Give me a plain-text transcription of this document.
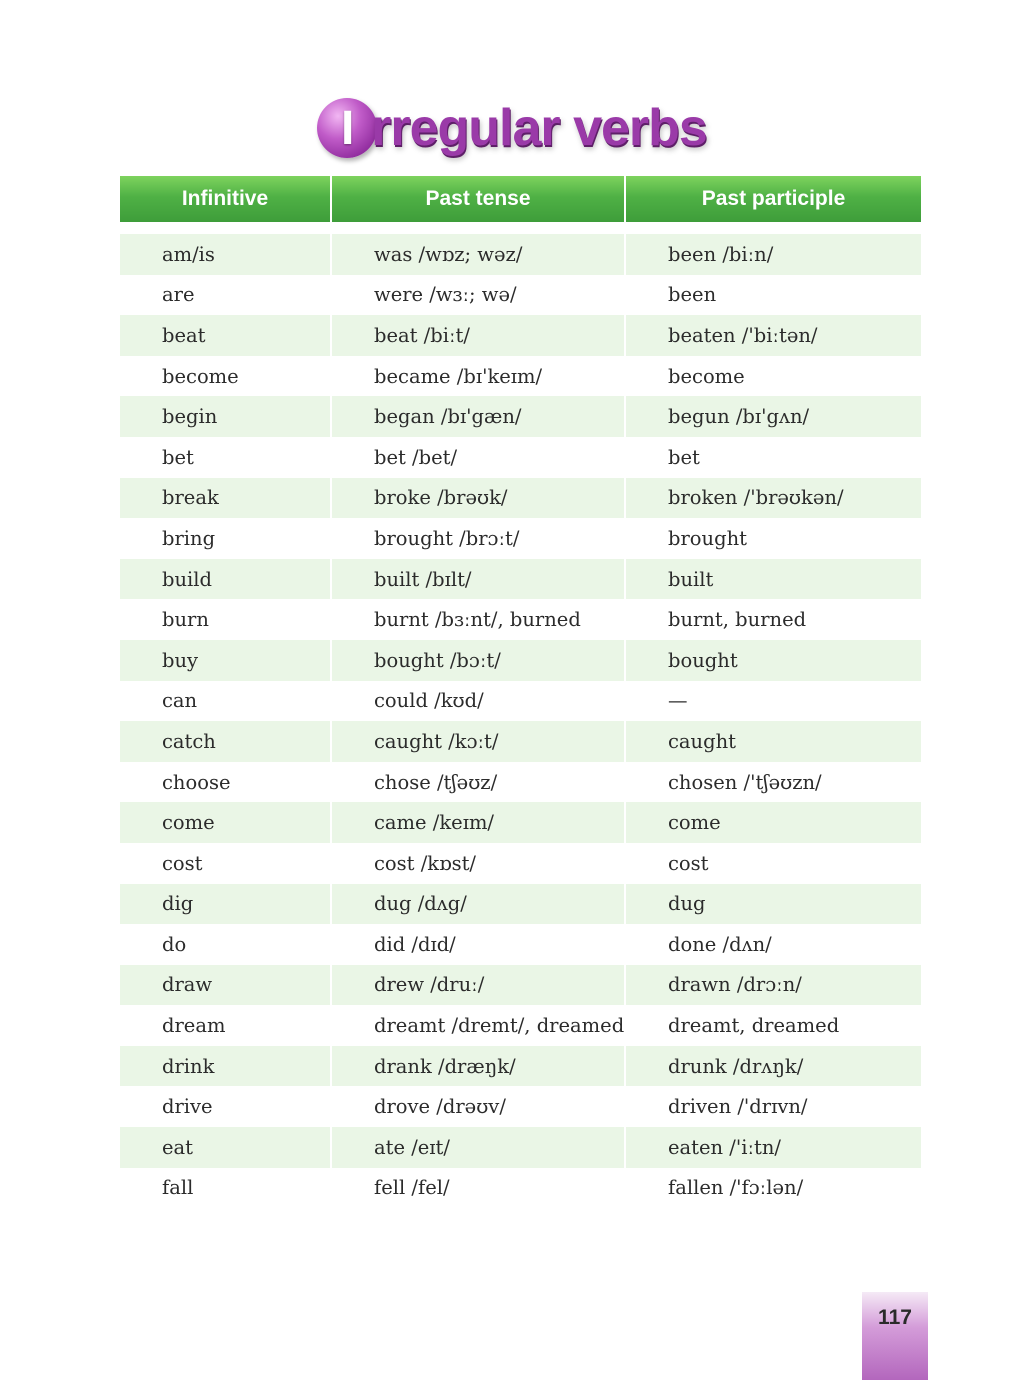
I rregular verbs
Infinitive	Past tense	Past participle
am/is	was /wɒz; wəz/	been /biːn/
are	were /wɜː; wə/	been
beat	beat /biːt/	beaten /'biːtən/
become	became /bɪ'keɪm/	become
begin	began /bɪ'gæn/	begun /bɪ'gʌn/
bet	bet /bet/	bet
break	broke /brəʊk/	broken /'brəʊkən/
bring	brought /brɔːt/	brought
build	built /bɪlt/	built
burn	burnt /bɜːnt/, burned	burnt, burned
buy	bought /bɔːt/	bought
can	could /kʊd/	—
catch	caught /kɔːt/	caught
choose	chose /tʃəʊz/	chosen /'tʃəʊzn/
come	came /keɪm/	come
cost	cost /kɒst/	cost
dig	dug /dʌg/	dug
do	did /dɪd/	done /dʌn/
draw	drew /druː/	drawn /drɔːn/
dream	dreamt /dremt/, dreamed	dreamt, dreamed
drink	drank /dræŋk/	drunk /drʌŋk/
drive	drove /drəʊv/	driven /'drɪvn/
eat	ate /eɪt/	eaten /'iːtn/
fall	fell /fel/	fallen /'fɔːlən/
117
